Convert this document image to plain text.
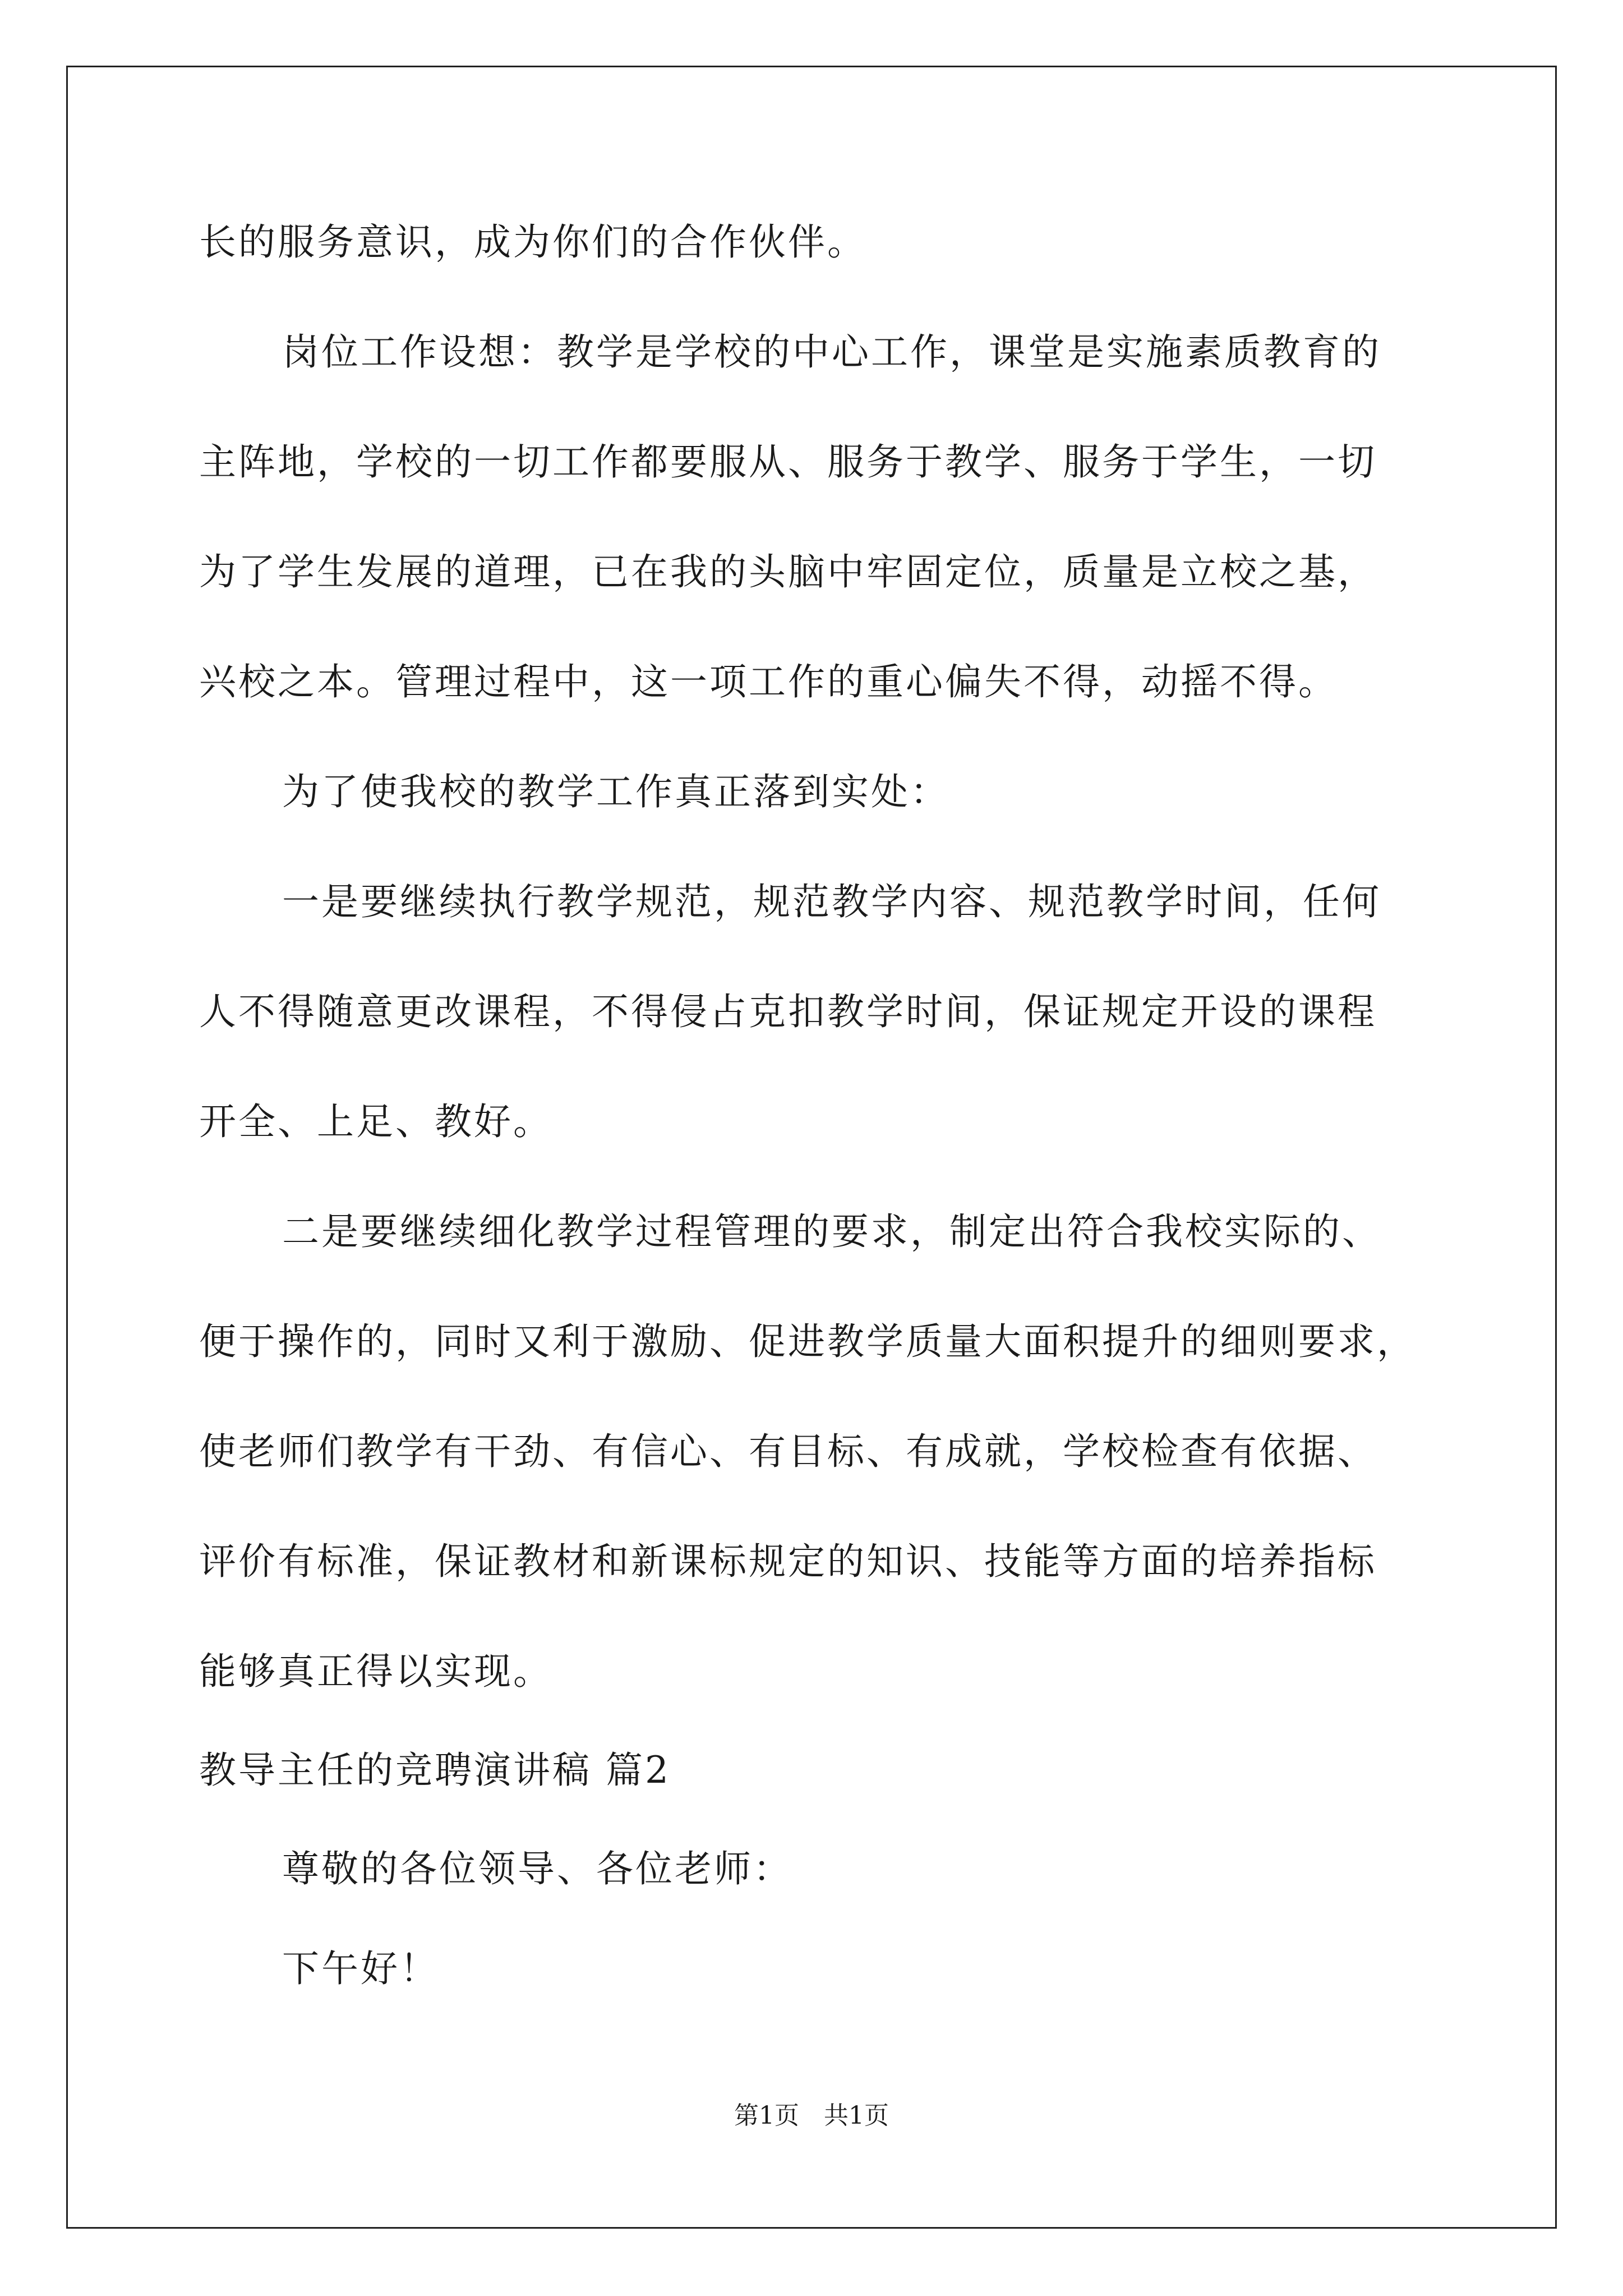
长的服务意识，成为你们的合作伙伴。
岗位工作设想：教学是学校的中心工作，课堂是实施素质教育的
主阵地，学校的一切工作都要服从、服务于教学、服务于学生，一切
为了学生发展的道理，已在我的头脑中牢固定位，质量是立校之基，
兴校之本。管理过程中，这一项工作的重心偏失不得，动摇不得。
为了使我校的教学工作真正落到实处：
一是要继续执行教学规范，规范教学内容、规范教学时间，任何
人不得随意更改课程，不得侵占克扣教学时间，保证规定开设的课程
开全、上足、教好。
二是要继续细化教学过程管理的要求，制定出符合我校实际的、
便于操作的，同时又利于激励、促进教学质量大面积提升的细则要求，
使老师们教学有干劲、有信心、有目标、有成就，学校检查有依据、
评价有标准，保证教材和新课标规定的知识、技能等方面的培养指标
能够真正得以实现。
教导主任的竞聘演讲稿 篇2
尊敬的各位领导、各位老师：
下午好！
第1页　共1页
